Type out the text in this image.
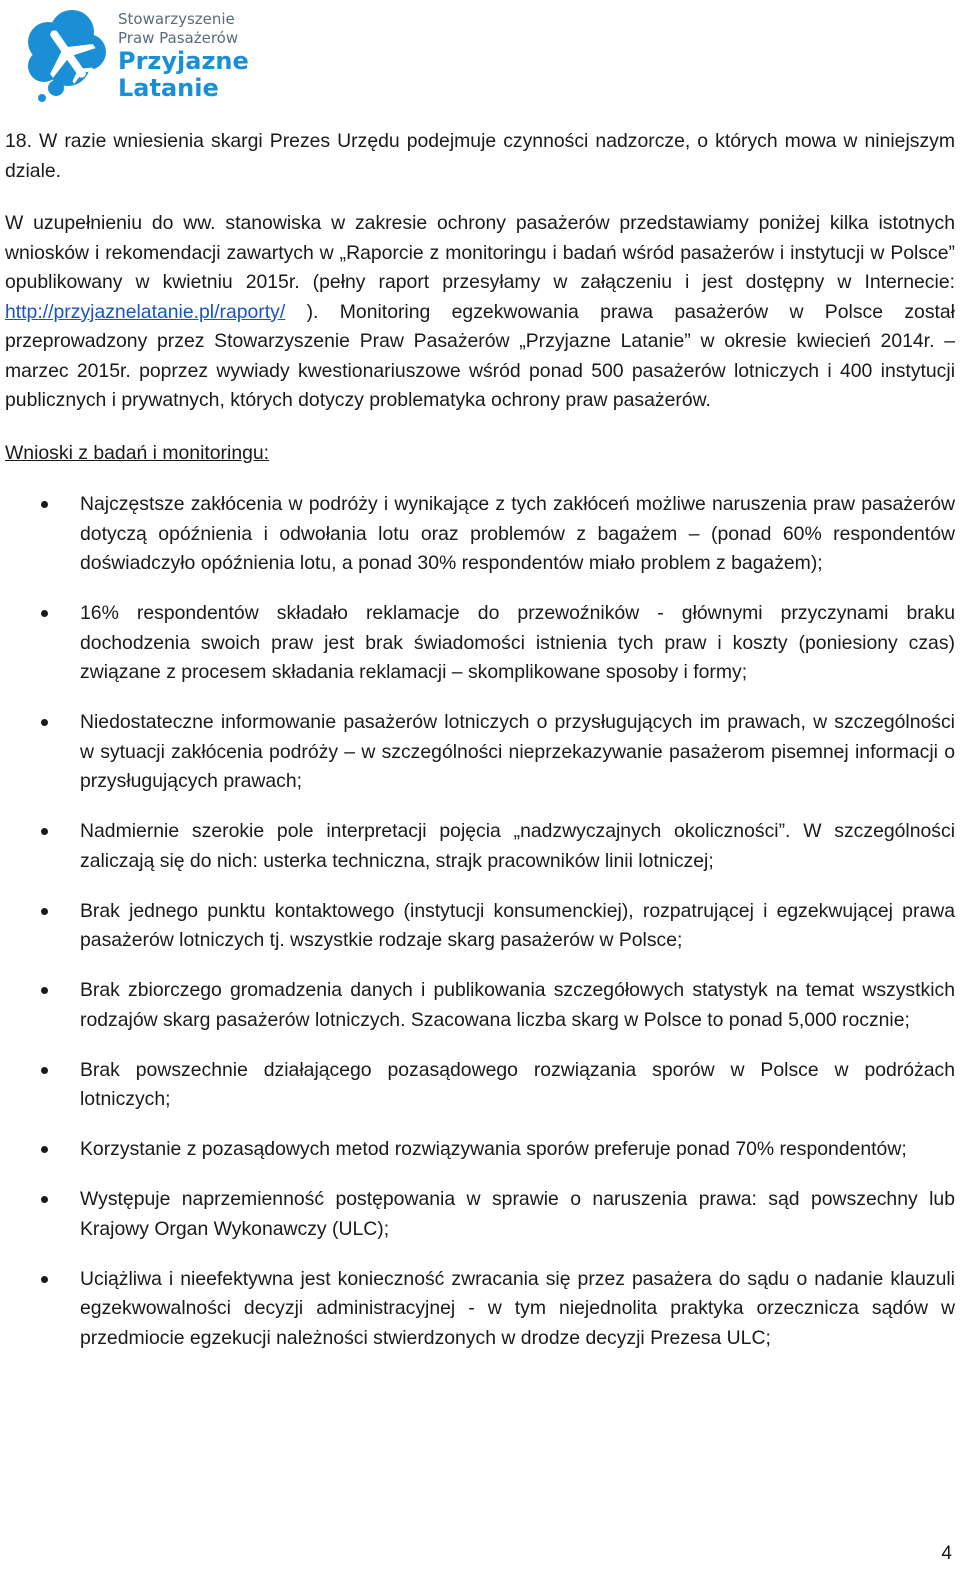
Stowarzyszenie
Praw Pasażerów
Przyjazne
Latanie

18. W razie wniesienia skargi Prezes Urzędu podejmuje czynności nadzorcze, o których mowa w niniejszym dziale.

W uzupełnieniu do ww. stanowiska w zakresie ochrony pasażerów przedstawiamy poniżej kilka istotnych wniosków i rekomendacji zawartych w „Raporcie z monitoringu i badań wśród pasażerów i instytucji w Polsce” opublikowany w kwietniu 2015r. (pełny raport przesyłamy w załączeniu i jest dostępny w Internecie: http://przyjaznelatanie.pl/raporty/ ). Monitoring egzekwowania prawa pasażerów w Polsce został przeprowadzony przez Stowarzyszenie Praw Pasażerów „Przyjazne Latanie” w okresie kwiecień 2014r. – marzec 2015r. poprzez wywiady kwestionariuszowe wśród ponad 500 pasażerów lotniczych i 400 instytucji publicznych i prywatnych, których dotyczy problematyka ochrony praw pasażerów.

Wnioski z badań i monitoringu:

Najczęstsze zakłócenia w podróży i wynikające z tych zakłóceń możliwe naruszenia praw pasażerów dotyczą opóźnienia i odwołania lotu oraz problemów z bagażem – (ponad 60% respondentów doświadczyło opóźnienia lotu, a ponad 30% respondentów miało problem z bagażem);
16% respondentów składało reklamacje do przewoźników - głównymi przyczynami braku dochodzenia swoich praw jest brak świadomości istnienia tych praw i koszty (poniesiony czas) związane z procesem składania reklamacji – skomplikowane sposoby i formy;
Niedostateczne informowanie pasażerów lotniczych o przysługujących im prawach, w szczególności w sytuacji zakłócenia podróży – w szczególności nieprzekazywanie pasażerom pisemnej informacji o przysługujących prawach;
Nadmiernie szerokie pole interpretacji pojęcia „nadzwyczajnych okoliczności”. W szczególności zaliczają się do nich: usterka techniczna, strajk pracowników linii lotniczej;
Brak jednego punktu kontaktowego (instytucji konsumenckiej), rozpatrującej i egzekwującej prawa pasażerów lotniczych tj. wszystkie rodzaje skarg pasażerów w Polsce;
Brak zbiorczego gromadzenia danych i publikowania szczegółowych statystyk na temat wszystkich rodzajów skarg pasażerów lotniczych. Szacowana liczba skarg w Polsce to ponad 5,000 rocznie;
Brak powszechnie działającego pozasądowego rozwiązania sporów w Polsce w podróżach lotniczych;
Korzystanie z pozasądowych metod rozwiązywania sporów preferuje ponad 70% respondentów;
Występuje naprzemienność postępowania w sprawie o naruszenia prawa: sąd powszechny lub Krajowy Organ Wykonawczy (ULC);
Uciążliwa i nieefektywna jest konieczność zwracania się przez pasażera do sądu o nadanie klauzuli egzekwowalności decyzji administracyjnej - w tym niejednolita praktyka orzecznicza sądów w przedmiocie egzekucji należności stwierdzonych w drodze decyzji Prezesa ULC;
4
